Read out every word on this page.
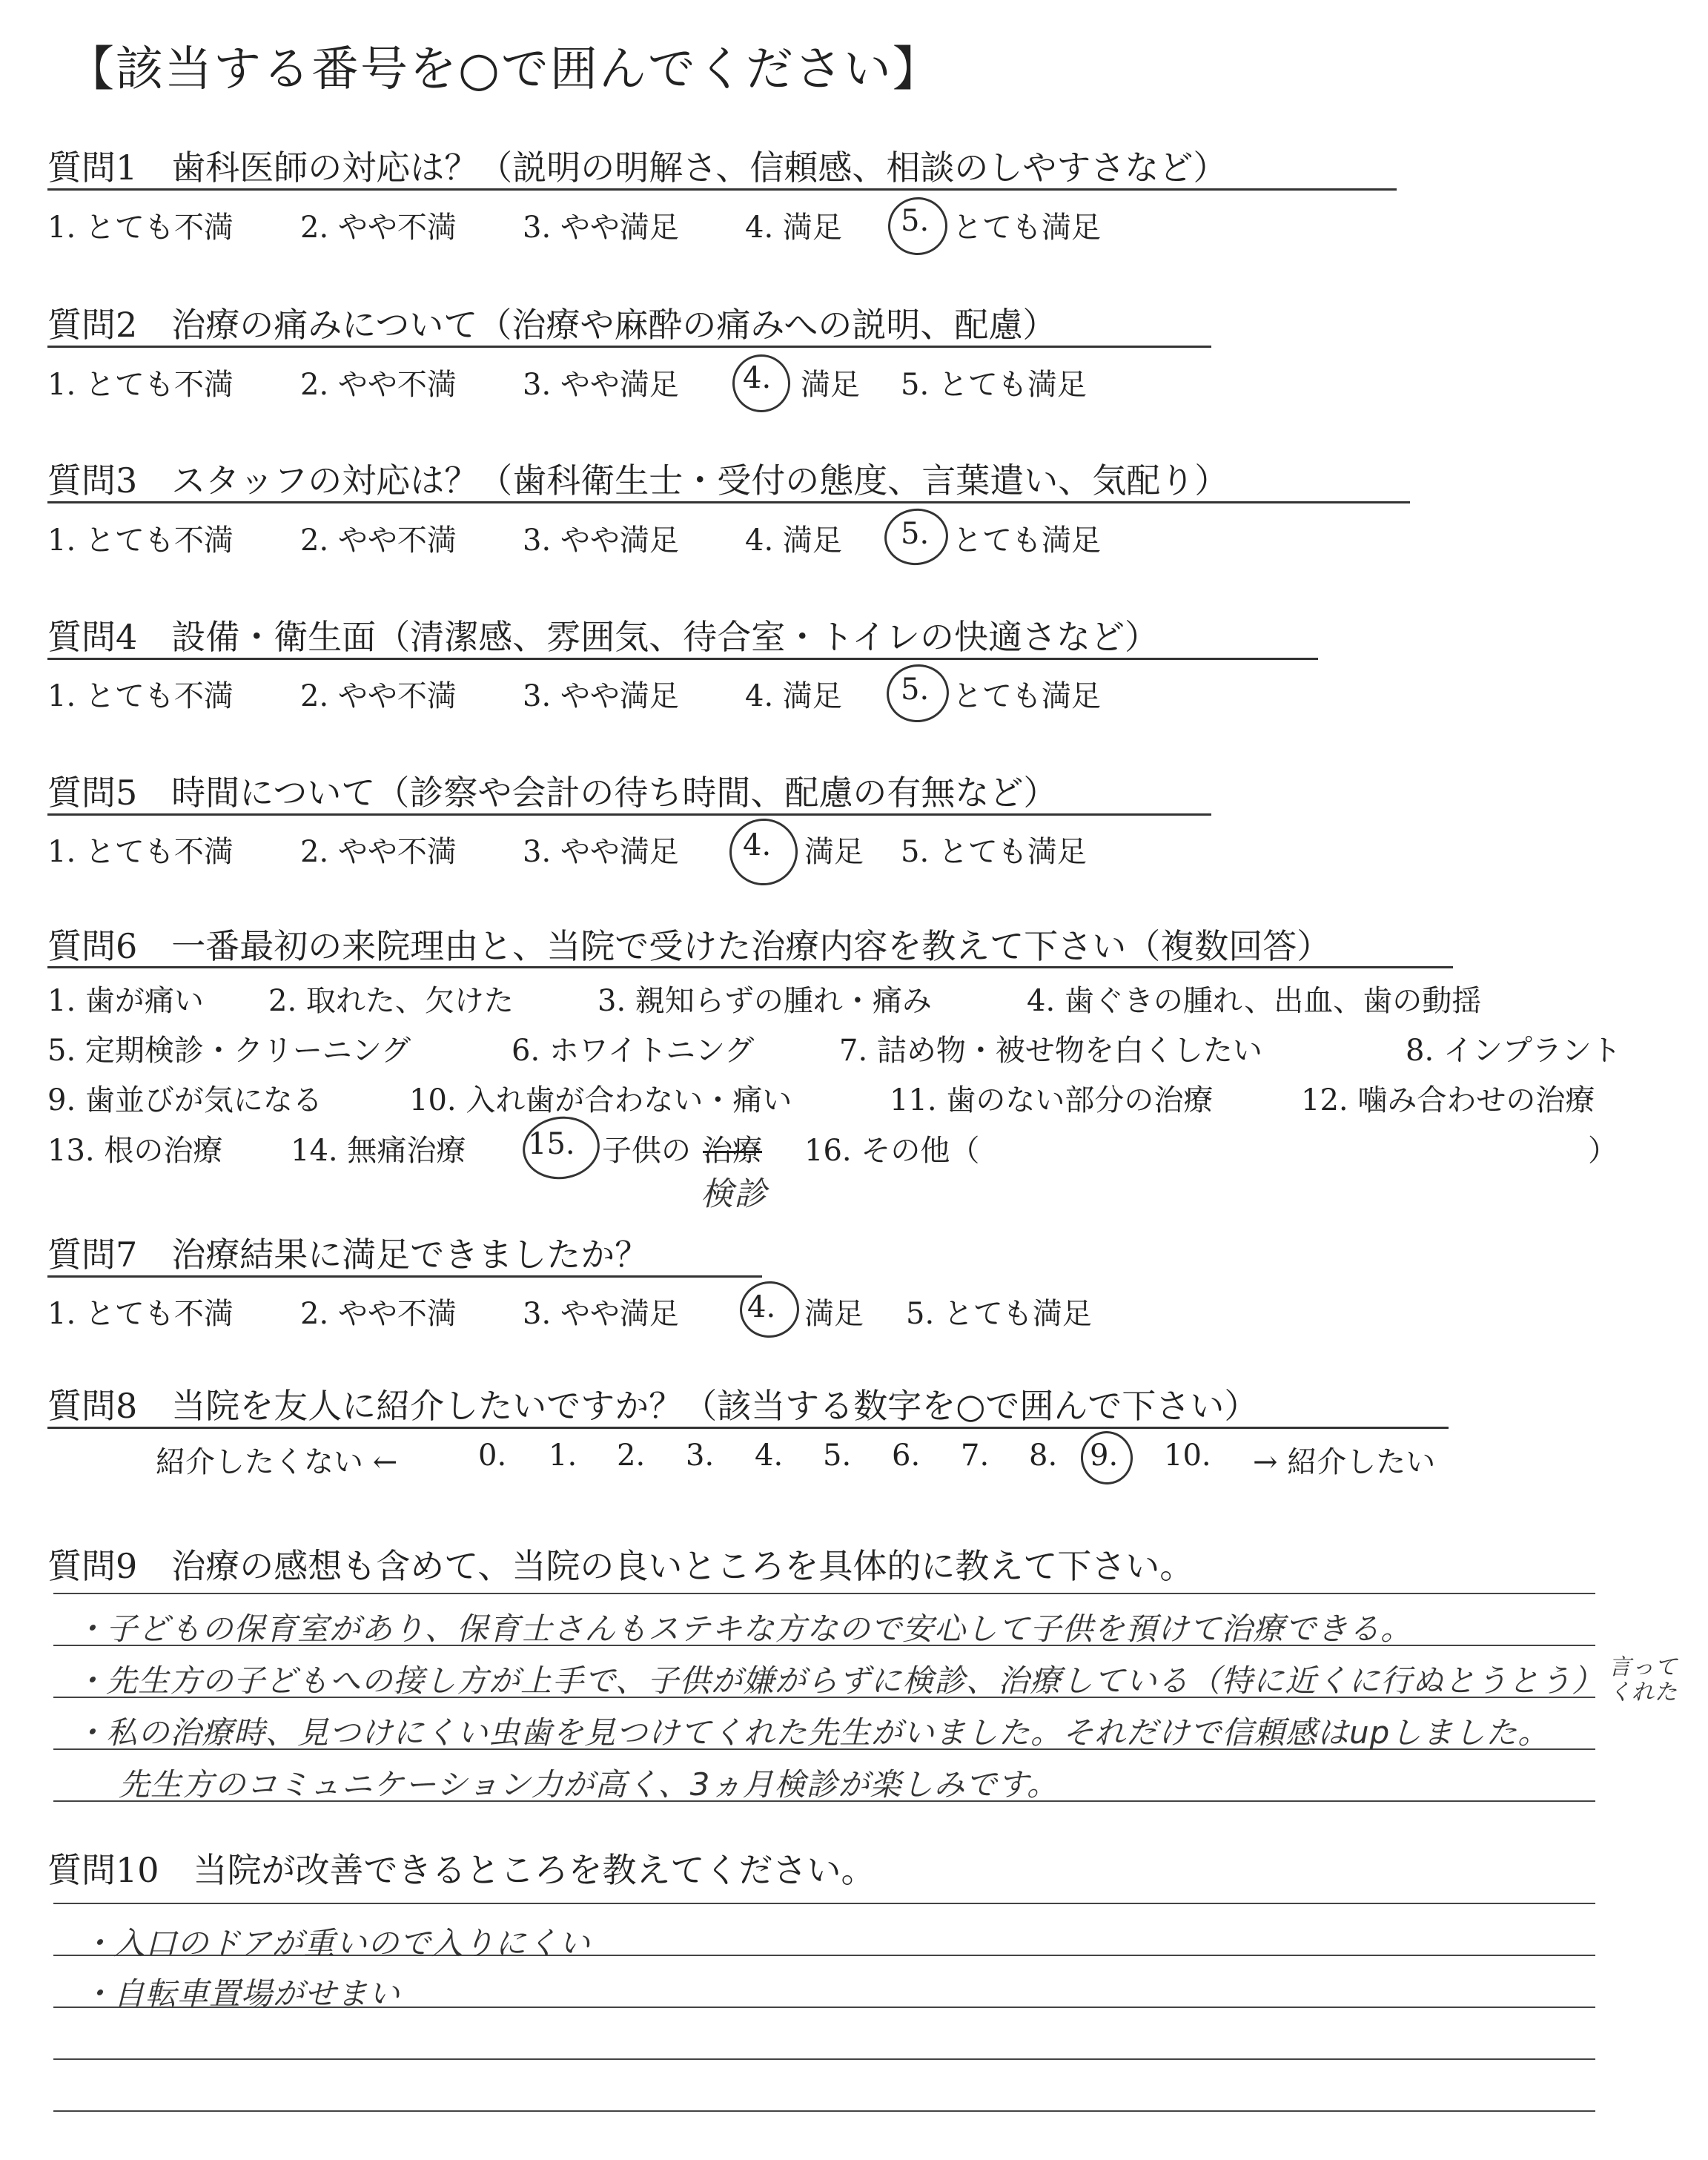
【該当する番号を○で囲んでください】
質問1　歯科医師の対応は？（説明の明解さ、信頼感、相談のしやすさなど）
1. とても不満 2. やや不満 3. やや満足 4. 満足 5. とても満足
質問2　治療の痛みについて（治療や麻酔の痛みへの説明、配慮）
1. とても不満 2. やや不満 3. やや満足 4. 満足 5. とても満足
質問3　スタッフの対応は？（歯科衛生士・受付の態度、言葉遣い、気配り）
1. とても不満 2. やや不満 3. やや満足 4. 満足 5. とても満足
質問4　設備・衛生面（清潔感、雰囲気、待合室・トイレの快適さなど）
1. とても不満 2. やや不満 3. やや満足 4. 満足 5. とても満足
質問5　時間について（診察や会計の待ち時間、配慮の有無など）
1. とても不満 2. やや不満 3. やや満足 4. 満足 5. とても満足
質問6　一番最初の来院理由と、当院で受けた治療内容を教えて下さい（複数回答）
1. 歯が痛い 2. 取れた、欠けた	3. 親知らずの腫れ・痛み	4. 歯ぐきの腫れ、出血、歯の動揺
5. 定期検診・クリーニング	6. ホワイトニング	7. 詰め物・被せ物を白くしたい	8. インプラント
9. 歯並びが気になる	10. 入れ歯が合わない・痛い	11. 歯のない部分の治療	12. 噛み合わせの治療
13. 根の治療 14. 無痛治療 15. 子供の 治療 16. その他（	）
検診
質問7　治療結果に満足できましたか？
1. とても不満 2. やや不満 3. やや満足 4. 満足 5. とても満足
質問8　当院を友人に紹介したいですか？（該当する数字を○で囲んで下さい）
紹介したくない ←	0. 1. 2. 3. 4. 5. 6. 7. 8. 9. 10. → 紹介したい
質問9　治療の感想も含めて、当院の良いところを具体的に教えて下さい。
・子どもの保育室があり、保育士さんもステキな方なので安心して子供を預けて治療できる。
・先生方の子どもへの接し方が上手で、子供が嫌がらずに検診、治療している（特に近くに行ぬとうとう） 言ってくれた
・私の治療時、見つけにくい虫歯を見つけてくれた先生がいました。それだけで信頼感はupしました。
先生方のコミュニケーション力が高く、3ヵ月検診が楽しみです。
質問10　当院が改善できるところを教えてください。
・入口のドアが重いので入りにくい
・自転車置場がせまい
